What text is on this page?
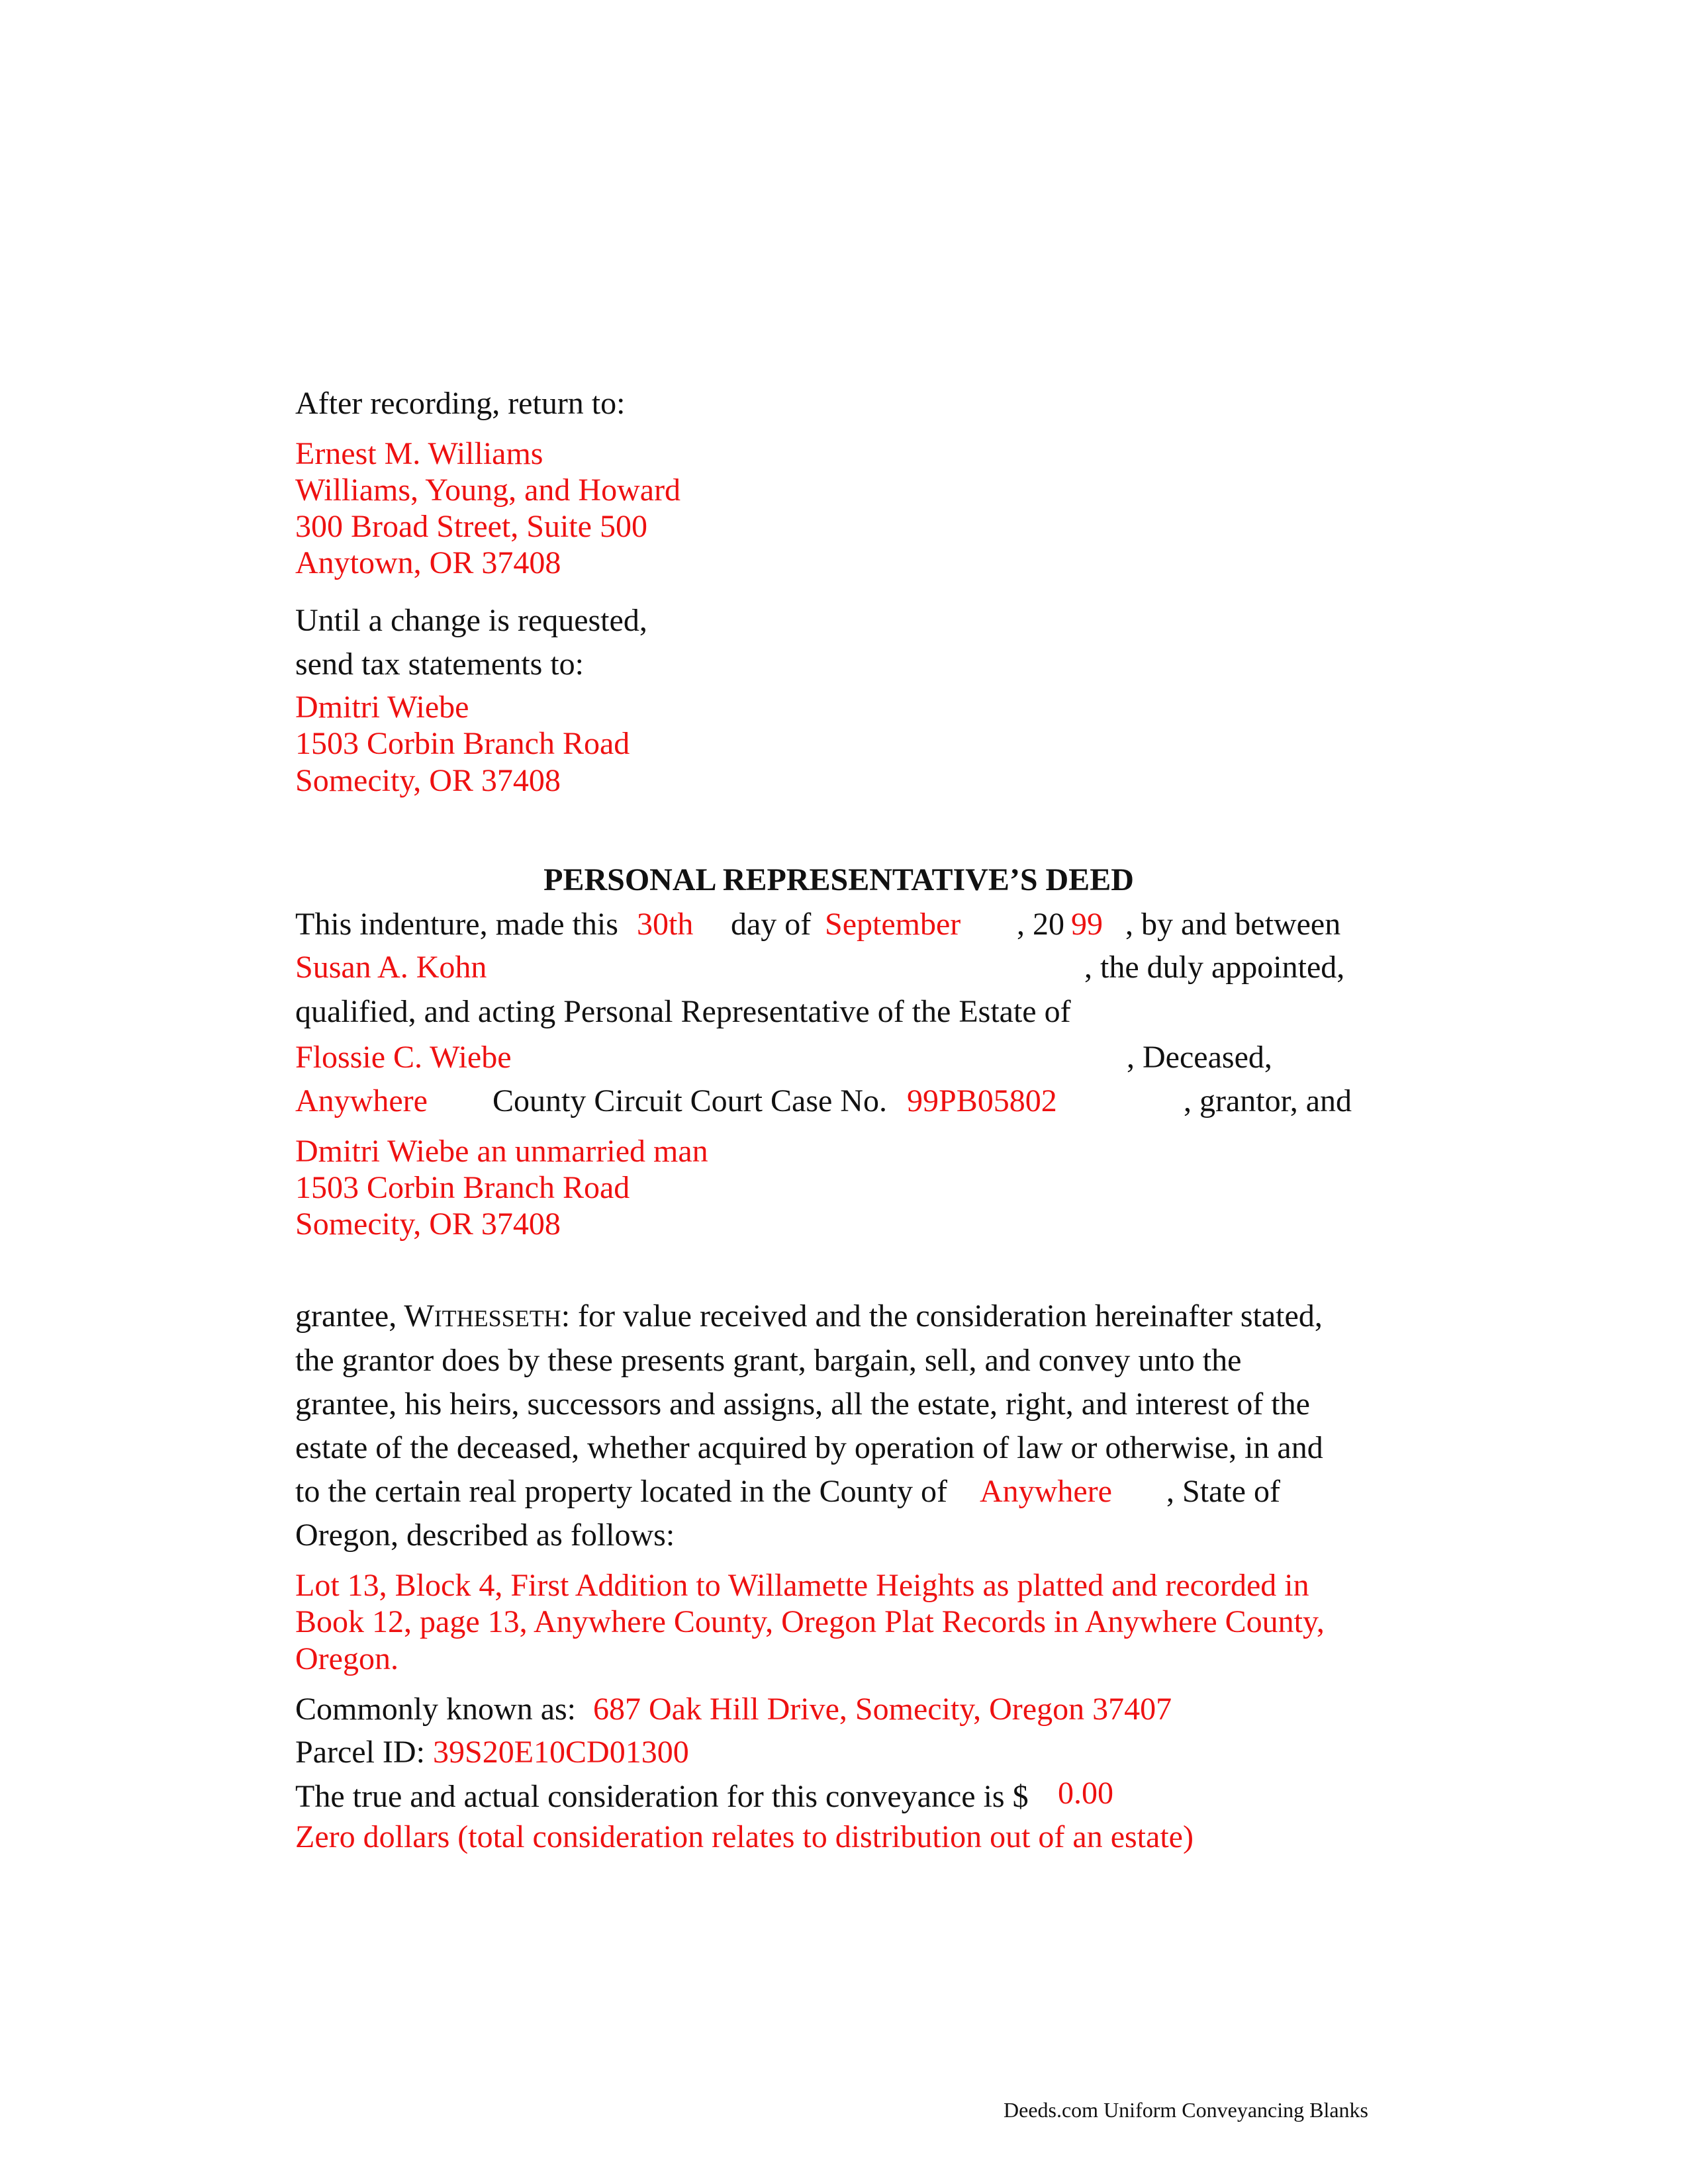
After recording, return to:
Ernest M. Williams
Williams, Young, and Howard
300 Broad Street, Suite 500
Anytown, OR 37408
Until a change is requested,
send tax statements to:
Dmitri Wiebe
1503 Corbin Branch Road
Somecity, OR 37408
PERSONAL REPRESENTATIVE’S DEED
This indenture, made this 30th day of September , 20 99 , by and between
Susan A. Kohn	, the duly appointed,
qualified, and acting Personal Representative of the Estate of
Flossie C. Wiebe	, Deceased,
Anywhere County Circuit Court Case No. 99PB05802	, grantor, and
Dmitri Wiebe an unmarried man
1503 Corbin Branch Road
Somecity, OR 37408
grantee, WITHESSETH: for value received and the consideration hereinafter stated,
the grantor does by these presents grant, bargain, sell, and convey unto the
grantee, his heirs, successors and assigns, all the estate, right, and interest of the
estate of the deceased, whether acquired by operation of law or otherwise, in and
to the certain real property located in the County of Anywhere , State of
Oregon, described as follows:
Lot 13, Block 4, First Addition to Willamette Heights as platted and recorded in
Book 12, page 13, Anywhere County, Oregon Plat Records in Anywhere County,
Oregon.
Commonly known as: 687 Oak Hill Drive, Somecity, Oregon 37407
Parcel ID: 39S20E10CD01300
The true and actual consideration for this conveyance is $ 0.00
Zero dollars (total consideration relates to distribution out of an estate)
Deeds.com Uniform Conveyancing Blanks
